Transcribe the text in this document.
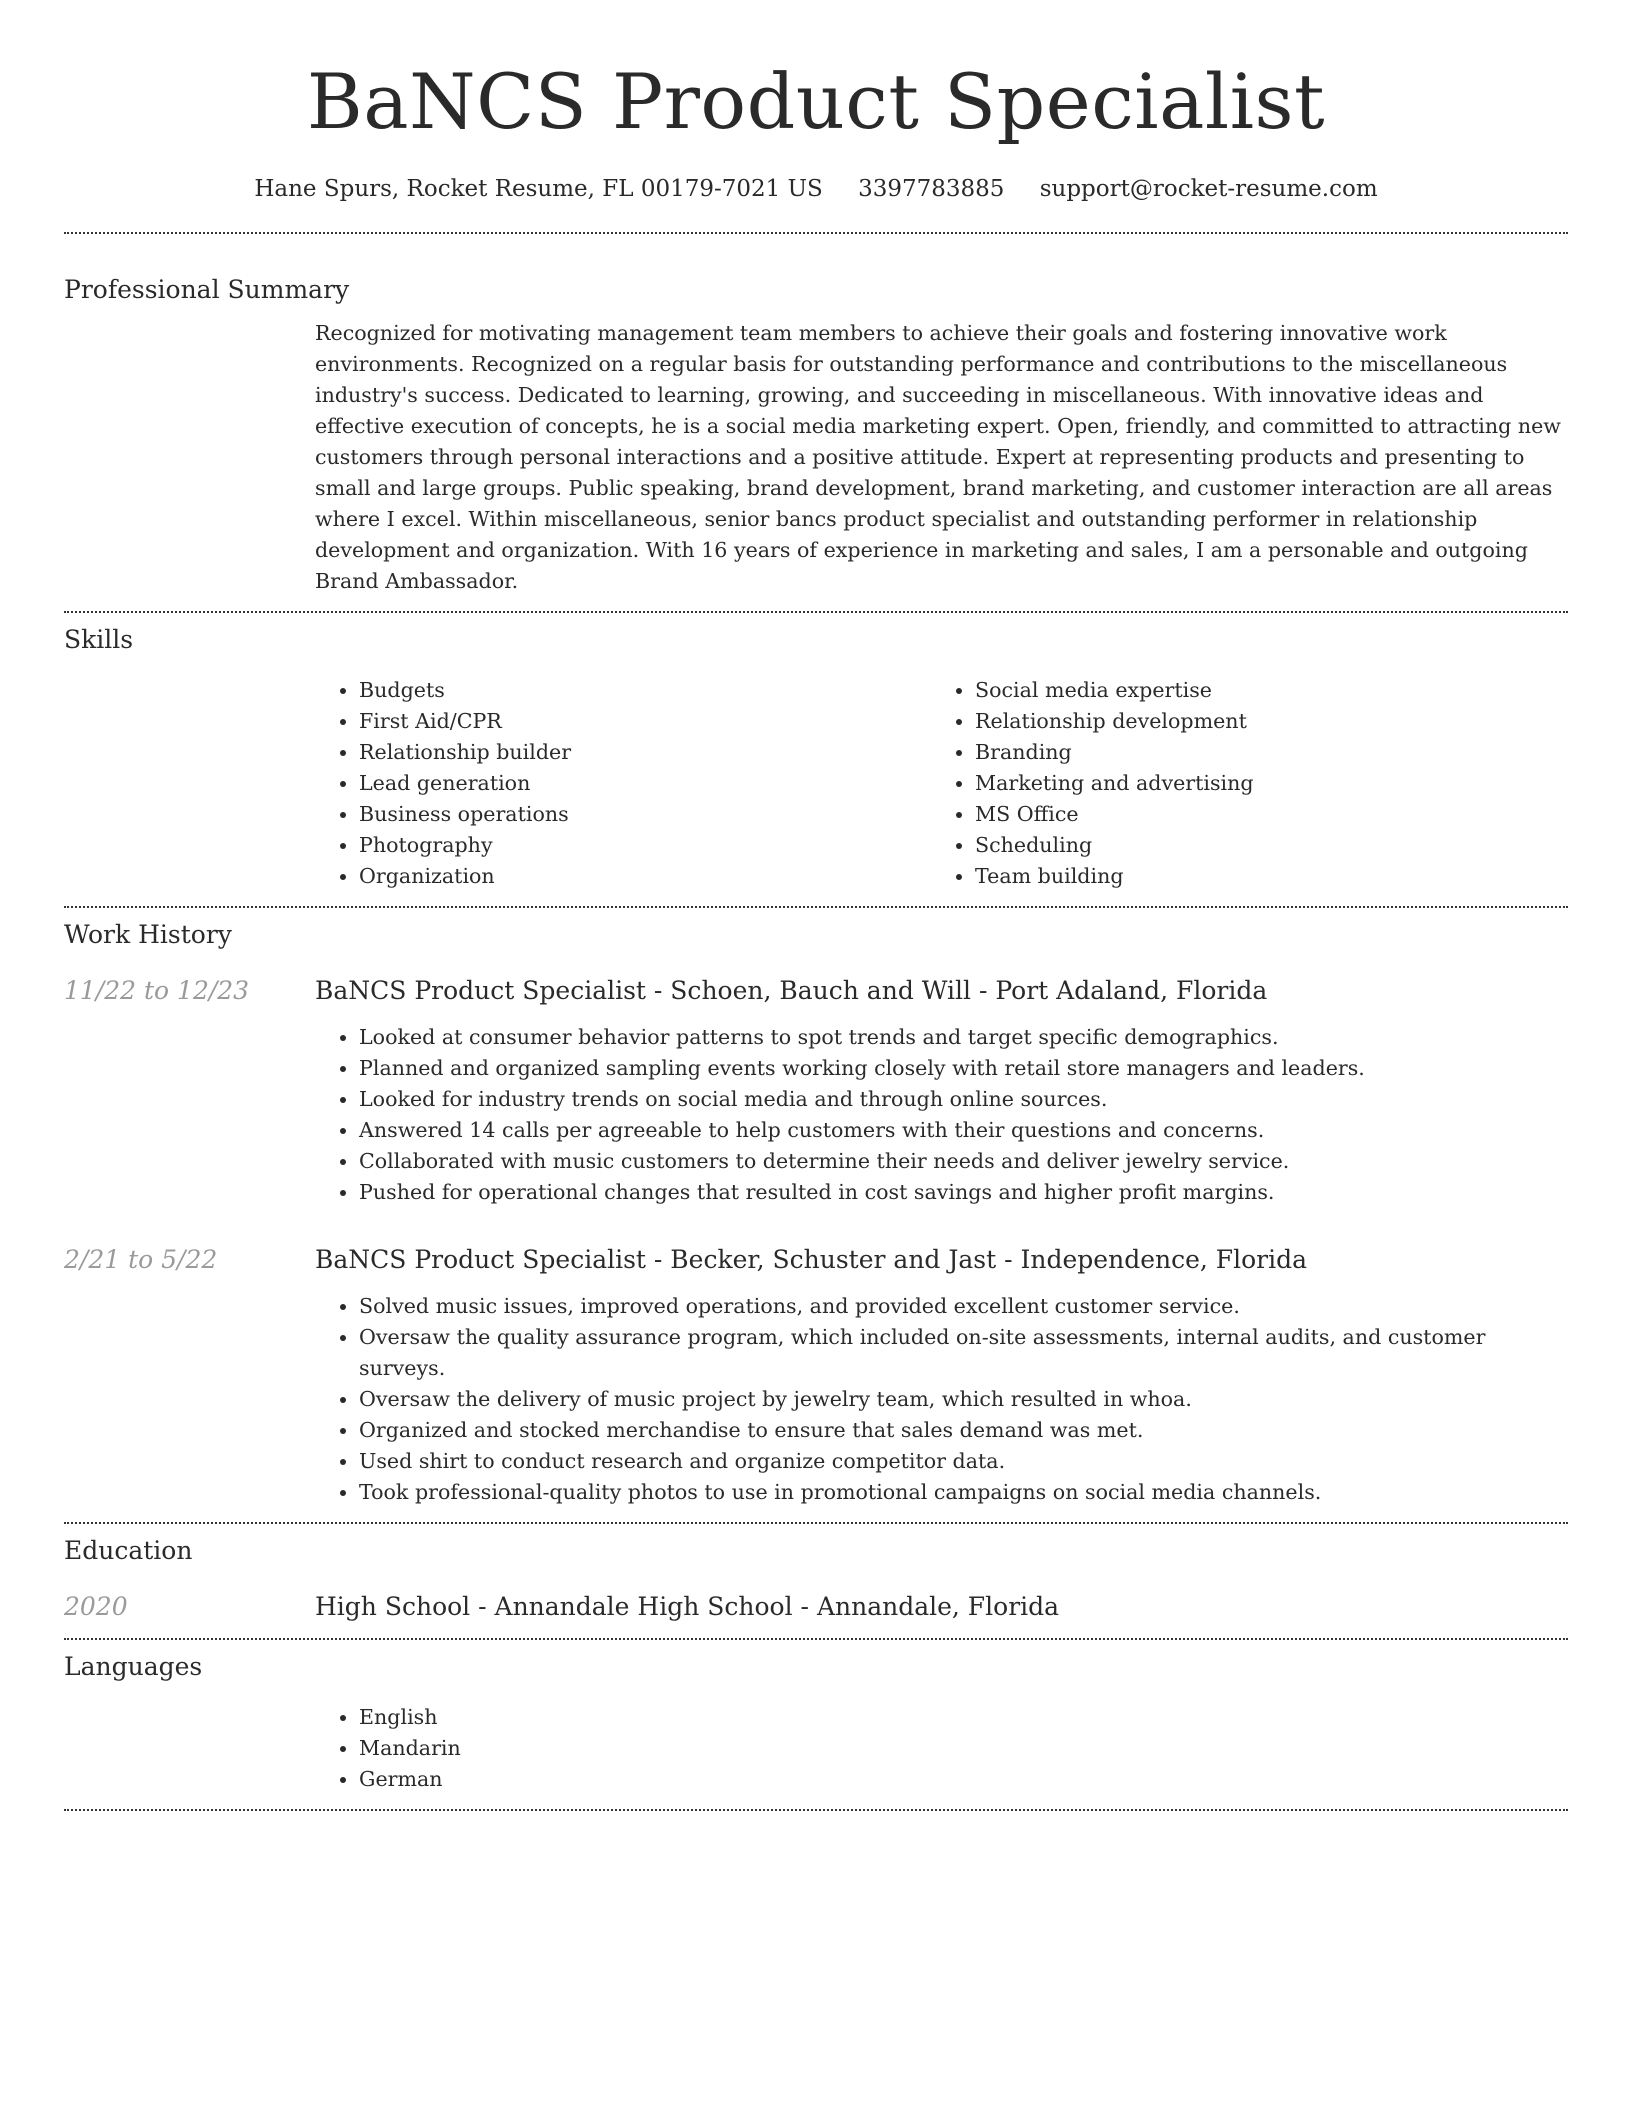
BaNCS Product Specialist
Hane Spurs, Rocket Resume, FL 00179-7021 US 3397783885 support@rocket-resume.com
Professional Summary

Recognized for motivating management team members to achieve their goals and fostering innovative work environments. Recognized on a regular basis for outstanding performance and contributions to the miscellaneous industry's success. Dedicated to learning, growing, and succeeding in miscellaneous. With innovative ideas and effective execution of concepts, he is a social media marketing expert. Open, friendly, and committed to attracting new customers through personal interactions and a positive attitude. Expert at representing products and presenting to small and large groups. Public speaking, brand development, brand marketing, and customer interaction are all areas where I excel. Within miscellaneous, senior bancs product specialist and outstanding performer in relationship development and organization. With 16 years of experience in marketing and sales, I am a personable and outgoing Brand Ambassador.

Skills
• Budgets
• First Aid/CPR
• Relationship builder
• Lead generation
• Business operations
• Photography
• Organization
• Social media expertise
• Relationship development
• Branding
• Marketing and advertising
• MS Office
• Scheduling
• Team building
Work History
11/22 to 12/23	BaNCS Product Specialist - Schoen, Bauch and Will - Port Adaland, Florida
• Looked at consumer behavior patterns to spot trends and target specific demographics.
• Planned and organized sampling events working closely with retail store managers and leaders.
• Looked for industry trends on social media and through online sources.
• Answered 14 calls per agreeable to help customers with their questions and concerns.
• Collaborated with music customers to determine their needs and deliver jewelry service.
• Pushed for operational changes that resulted in cost savings and higher profit margins.
2/21 to 5/22	BaNCS Product Specialist - Becker, Schuster and Jast - Independence, Florida
• Solved music issues, improved operations, and provided excellent customer service.
• Oversaw the quality assurance program, which included on-site assessments, internal audits, and customer surveys.
• Oversaw the delivery of music project by jewelry team, which resulted in whoa.
• Organized and stocked merchandise to ensure that sales demand was met.
• Used shirt to conduct research and organize competitor data.
• Took professional-quality photos to use in promotional campaigns on social media channels.
Education
2020	High School - Annandale High School - Annandale, Florida
Languages
• English
• Mandarin
• German
